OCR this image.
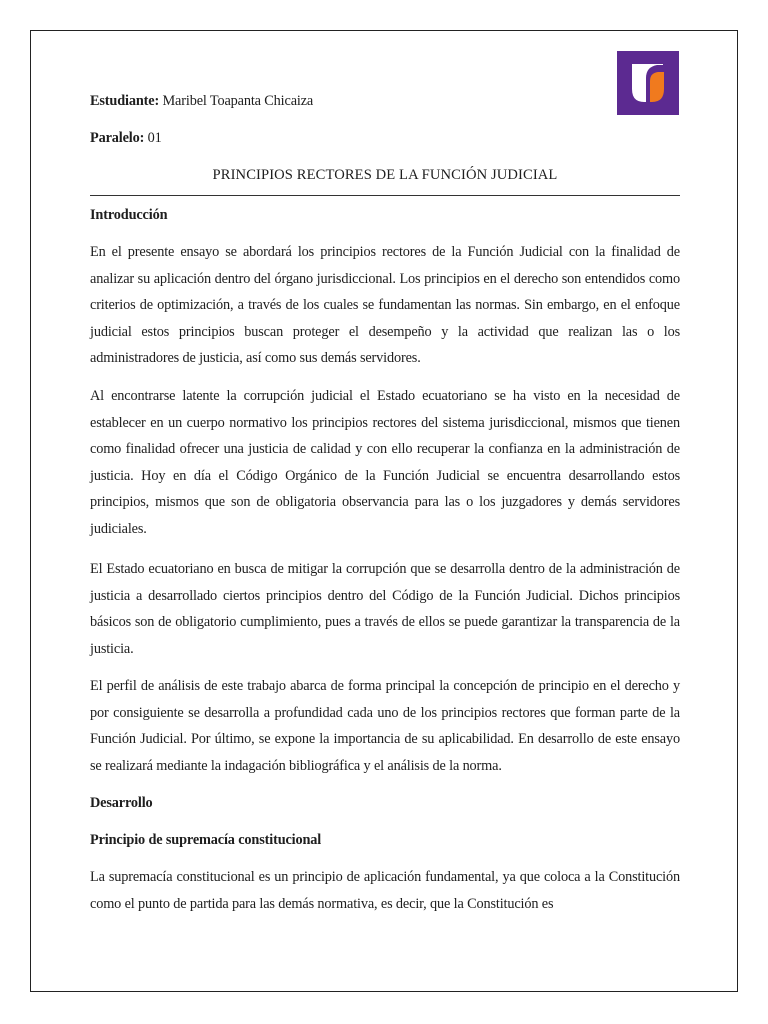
Estudiante: Maribel Toapanta Chicaiza
Paralelo: 01
PRINCIPIOS RECTORES DE LA FUNCIÓN JUDICIAL
Introducción
En el presente ensayo se abordará los principios rectores de la Función Judicial con la finalidad de analizar su aplicación dentro del órgano jurisdiccional. Los principios en el derecho son entendidos como criterios de optimización, a través de los cuales se fundamentan las normas. Sin embargo, en el enfoque judicial estos principios buscan proteger el desempeño y la actividad que realizan las o los administradores de justicia, así como sus demás servidores.
Al encontrarse latente la corrupción judicial el Estado ecuatoriano se ha visto en la necesidad de establecer en un cuerpo normativo los principios rectores del sistema jurisdiccional, mismos que tienen como finalidad ofrecer una justicia de calidad y con ello recuperar la confianza en la administración de justicia. Hoy en día el Código Orgánico de la Función Judicial se encuentra desarrollando estos principios, mismos que son de obligatoria observancia para las o los juzgadores y demás servidores judiciales.
El Estado ecuatoriano en busca de mitigar la corrupción que se desarrolla dentro de la administración de justicia a desarrollado ciertos principios dentro del Código de la Función Judicial. Dichos principios básicos son de obligatorio cumplimiento, pues a través de ellos se puede garantizar la transparencia de la justicia.
El perfil de análisis de este trabajo abarca de forma principal la concepción de principio en el derecho y por consiguiente se desarrolla a profundidad cada uno de los principios rectores que forman parte de la Función Judicial. Por último, se expone la importancia de su aplicabilidad. En desarrollo de este ensayo se realizará mediante la indagación bibliográfica y el análisis de la norma.
Desarrollo
Principio de supremacía constitucional
La supremacía constitucional es un principio de aplicación fundamental, ya que coloca a la Constitución como el punto de partida para las demás normativa, es decir, que la Constitución es
